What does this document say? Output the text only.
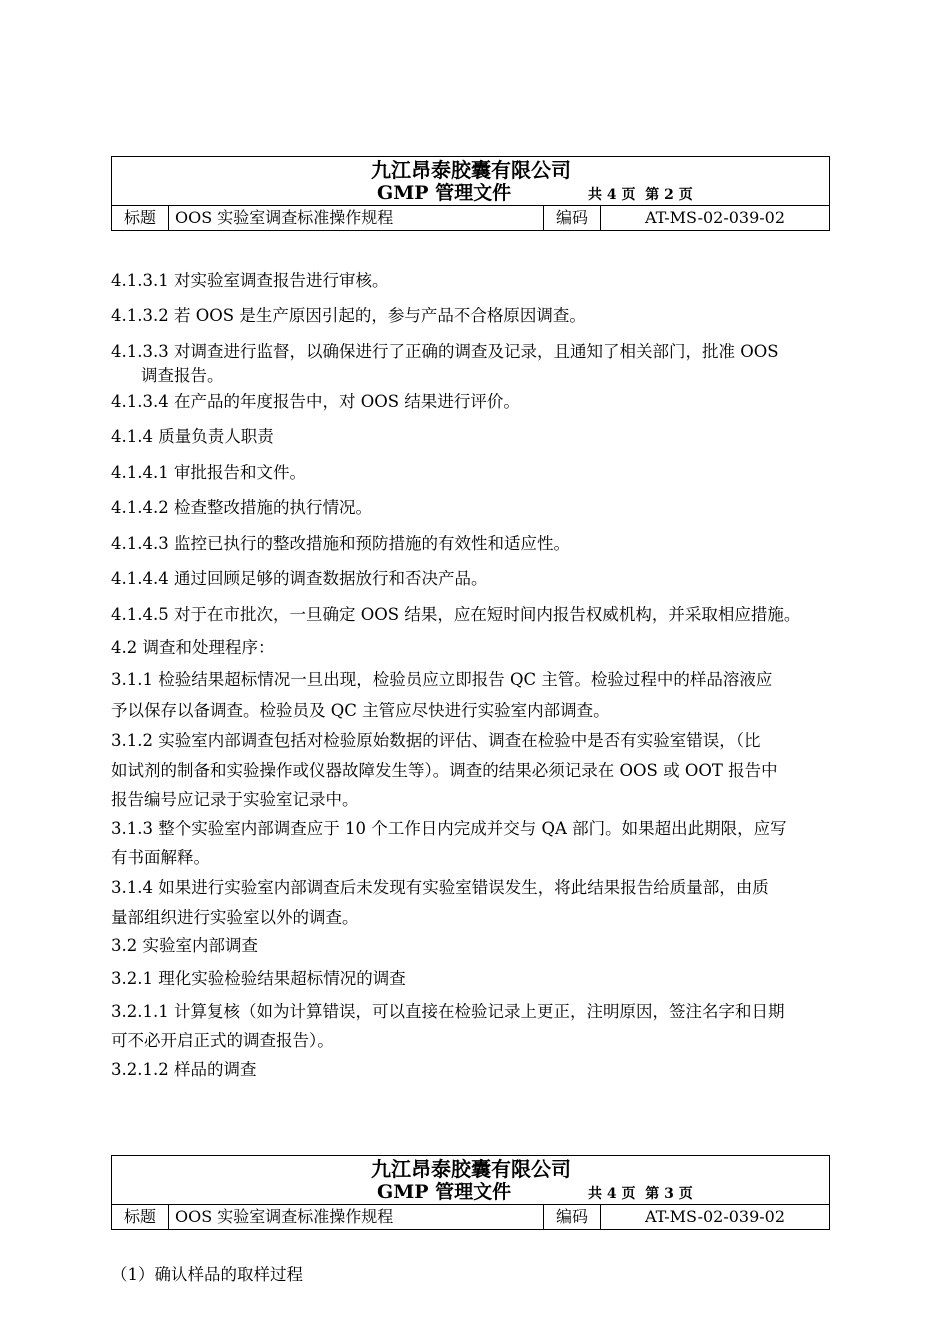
九江昂泰胶囊有限公司
GMP 管理文件	共 4 页  第 2 页

标题	OOS 实验室调查标准操作规程	编码	AT-MS-02-039-02

4.1.3.1 对实验室调查报告进行审核。

4.1.3.2 若 OOS 是生产原因引起的，参与产品不合格原因调查。

4.1.3.3 对调查进行监督，以确保进行了正确的调查及记录，且通知了相关部门，批准 OOS

调查报告。

4.1.3.4 在产品的年度报告中，对 OOS 结果进行评价。

4.1.4 质量负责人职责

4.1.4.1 审批报告和文件。

4.1.4.2 检查整改措施的执行情况。

4.1.4.3 监控已执行的整改措施和预防措施的有效性和适应性。

4.1.4.4 通过回顾足够的调查数据放行和否决产品。

4.1.4.5 对于在市批次，一旦确定 OOS 结果，应在短时间内报告权威机构，并采取相应措施。

4.2 调查和处理程序：

3.1.1 检验结果超标情况一旦出现，检验员应立即报告 QC 主管。检验过程中的样品溶液应

予以保存以备调查。检验员及 QC 主管应尽快进行实验室内部调查。

3.1.2 实验室内部调查包括对检验原始数据的评估、调查在检验中是否有实验室错误，（比

如试剂的制备和实验操作或仪器故障发生等）。调查的结果必须记录在 OOS 或 OOT 报告中

报告编号应记录于实验室记录中。

3.1.3 整个实验室内部调查应于 10 个工作日内完成并交与 QA 部门。如果超出此期限，应写

有书面解释。

3.1.4 如果进行实验室内部调查后未发现有实验室错误发生，将此结果报告给质量部，由质

量部组织进行实验室以外的调查。

3.2 实验室内部调查

3.2.1 理化实验检验结果超标情况的调查

3.2.1.1 计算复核（如为计算错误，可以直接在检验记录上更正，注明原因，签注名字和日期

可不必开启正式的调查报告）。

3.2.1.2 样品的调查

九江昂泰胶囊有限公司
GMP 管理文件	共 4 页  第 3 页

标题	OOS 实验室调查标准操作规程	编码	AT-MS-02-039-02

（1）确认样品的取样过程
